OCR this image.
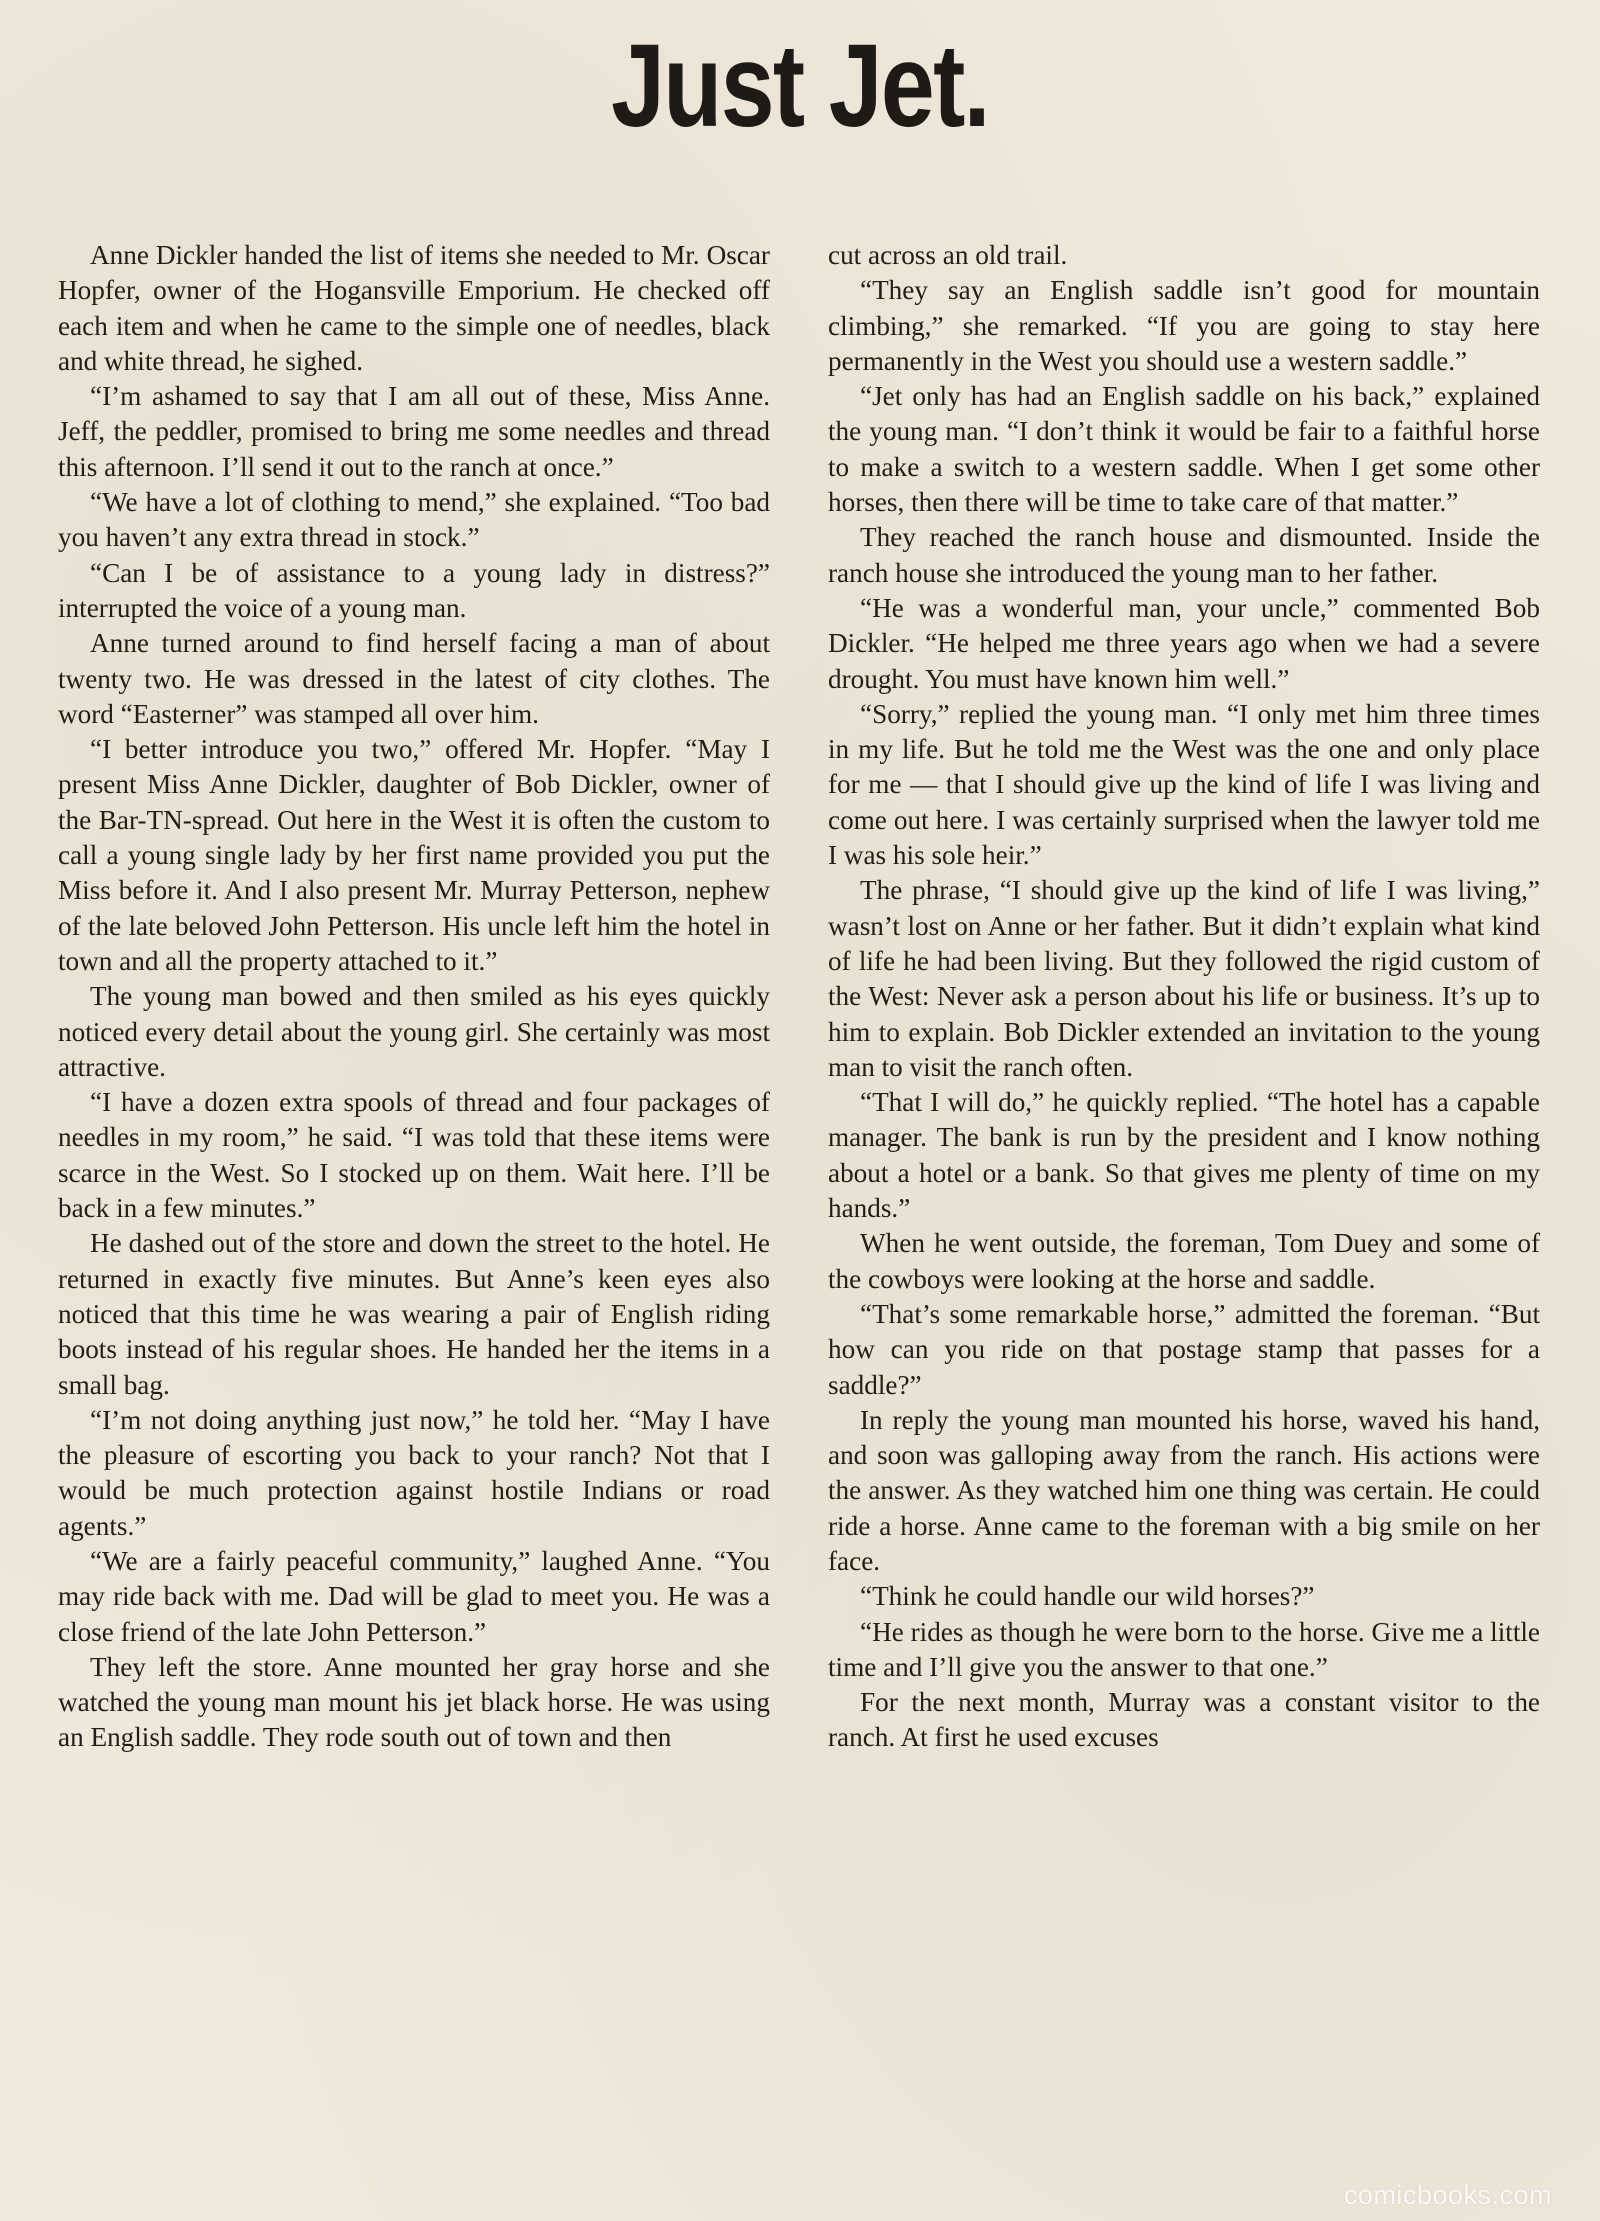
Just Jet.

Anne Dickler handed the list of items she needed to Mr. Oscar Hopfer, owner of the Hogansville Emporium. He checked off each item and when he came to the simple one of needles, black and white thread, he sighed.

“I’m ashamed to say that I am all out of these, Miss Anne. Jeff, the peddler, promised to bring me some needles and thread this afternoon. I’ll send it out to the ranch at once.”

“We have a lot of clothing to mend,” she explained. “Too bad you haven’t any extra thread in stock.”

“Can I be of assistance to a young lady in distress?” interrupted the voice of a young man.

Anne turned around to find herself facing a man of about twenty two. He was dressed in the latest of city clothes. The word “Easterner” was stamped all over him.

“I better introduce you two,” offered Mr. Hopfer. “May I present Miss Anne Dickler, daughter of Bob Dickler, owner of the Bar-TN-spread. Out here in the West it is often the custom to call a young single lady by her first name provided you put the Miss before it. And I also present Mr. Murray Petterson, nephew of the late beloved John Petterson. His uncle left him the hotel in town and all the property attached to it.”

The young man bowed and then smiled as his eyes quickly noticed every detail about the young girl. She certainly was most attractive.

“I have a dozen extra spools of thread and four packages of needles in my room,” he said. “I was told that these items were scarce in the West. So I stocked up on them. Wait here. I’ll be back in a few minutes.”

He dashed out of the store and down the street to the hotel. He returned in exactly five minutes. But Anne’s keen eyes also noticed that this time he was wearing a pair of English riding boots instead of his regular shoes. He handed her the items in a small bag.

“I’m not doing anything just now,” he told her. “May I have the pleasure of escorting you back to your ranch? Not that I would be much protection against hostile Indians or road agents.”

“We are a fairly peaceful community,” laughed Anne. “You may ride back with me. Dad will be glad to meet you. He was a close friend of the late John Petterson.”

They left the store. Anne mounted her gray horse and she watched the young man mount his jet black horse. He was using an English saddle. They rode south out of town and then

cut across an old trail.

“They say an English saddle isn’t good for mountain climbing,” she remarked. “If you are going to stay here permanently in the West you should use a western saddle.”

“Jet only has had an English saddle on his back,” explained the young man. “I don’t think it would be fair to a faithful horse to make a switch to a western saddle. When I get some other horses, then there will be time to take care of that matter.”

They reached the ranch house and dismounted. Inside the ranch house she introduced the young man to her father.

“He was a wonderful man, your uncle,” commented Bob Dickler. “He helped me three years ago when we had a severe drought. You must have known him well.”

“Sorry,” replied the young man. “I only met him three times in my life. But he told me the West was the one and only place for me — that I should give up the kind of life I was living and come out here. I was certainly surprised when the lawyer told me I was his sole heir.”

The phrase, “I should give up the kind of life I was living,” wasn’t lost on Anne or her father. But it didn’t explain what kind of life he had been living. But they followed the rigid custom of the West: Never ask a person about his life or business. It’s up to him to explain. Bob Dickler extended an invitation to the young man to visit the ranch often.

“That I will do,” he quickly replied. “The hotel has a capable manager. The bank is run by the president and I know nothing about a hotel or a bank. So that gives me plenty of time on my hands.”

When he went outside, the foreman, Tom Duey and some of the cowboys were looking at the horse and saddle.

“That’s some remarkable horse,” admitted the foreman. “But how can you ride on that postage stamp that passes for a saddle?”

In reply the young man mounted his horse, waved his hand, and soon was galloping away from the ranch. His actions were the answer. As they watched him one thing was certain. He could ride a horse. Anne came to the foreman with a big smile on her face.

“Think he could handle our wild horses?”

“He rides as though he were born to the horse. Give me a little time and I’ll give you the answer to that one.”

For the next month, Murray was a constant visitor to the ranch. At first he used excuses

comicbooks.com
